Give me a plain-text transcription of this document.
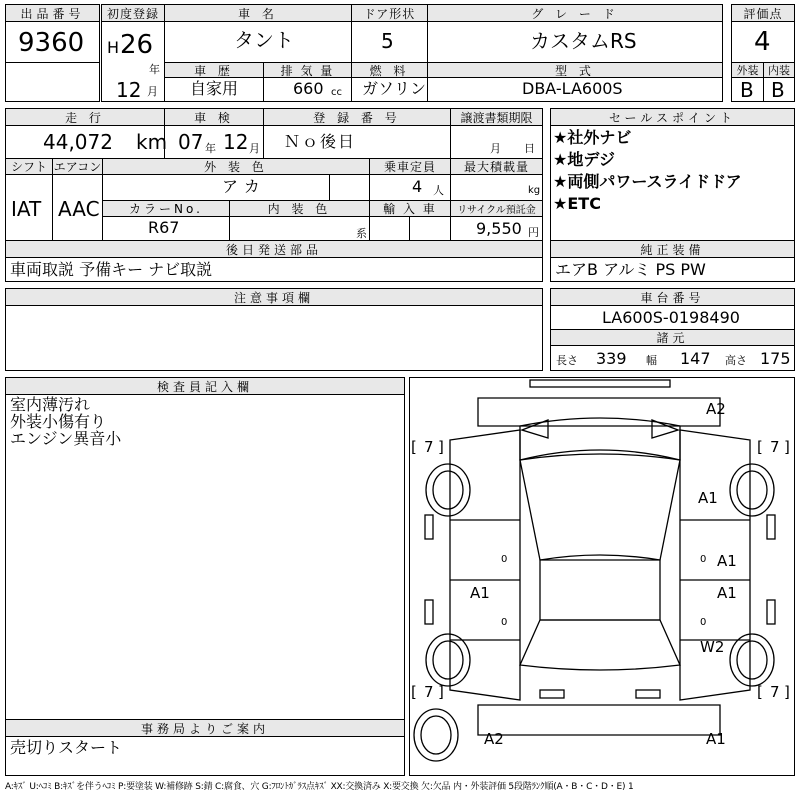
出品番号
9360
初度登録
H 26
年
12 月
車 名
タント
ドア形状
5
グ レ ー ド
カスタムRS
評価点
4
車 歴
自家用
排 気 量
660 cc
燃 料
ガソリン
型 式
DBA-LA600S
外装 内装
B B
走 行
44,072 km
車 検
07 年 12 月
登 録 番 号
Ｎｏ後日
譲渡書類期限
月 日
シフト
IAT
エアコン
AAC
外 装 色
アカ
乗車定員
4 人
最大積載量
kg
カラーNo.
R67
内 装 色
系
輸 入 車	リサイクル預託金
9,550 円
セールスポイント
★社外ナビ
★地デジ
★両側パワースライドドア
★ETC
後日発送部品
車両取説 予備キー ナビ取説
純正装備
エアB アルミ PS PW
注意事項欄	車台番号
LA600S-0198490
諸元
長さ 339 幅 147 高さ 175
検査員記入欄
室内薄汚れ
外装小傷有り
エンジン異音小
事務局よりご案内
売切りスタート
A2
A1
A1
A1	A1
W2
A2	A1
[ 7 ]	[ 7 ]
[ 7 ]	[ 7 ]
0	0
0	0
A:ｷｽﾞ U:ﾍｺﾐ B:ｷｽﾞを伴うﾍｺﾐ P:要塗装 W:補修跡 S:錆 C:腐食、穴 G:ﾌﾛﾝﾄｶﾞﾗｽ点ｷｽﾞ XX:交換済み X:要交換 欠:欠品 内・外装評価 5段階ﾗﾝｸ順(A・B・C・D・E) 1
